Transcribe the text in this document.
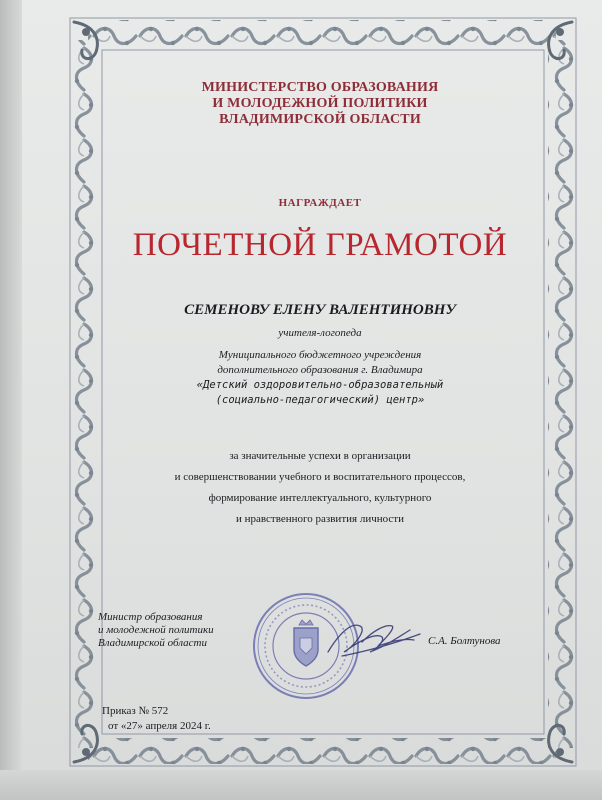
МИНИСТЕРСТВО ОБРАЗОВАНИЯ
И МОЛОДЕЖНОЙ ПОЛИТИКИ
ВЛАДИМИРСКОЙ ОБЛАСТИ
НАГРАЖДАЕТ
ПОЧЕТНОЙ ГРАМОТОЙ
СЕМЕНОВУ ЕЛЕНУ ВАЛЕНТИНОВНУ
учителя-логопеда
Муниципального бюджетного учреждения
дополнительного образования г. Владимира
«Детский оздоровительно-образовательный
(социально-педагогический) центр»
за значительные успехи в организации
и совершенствовании учебного и воспитательного процессов,
формирование интеллектуального, культурного
и нравственного развития личности
Министр образования
и молодежной политики
Владимирской области	С.А. Болтунова
Приказ № 572
от «27» апреля 2024 г.
